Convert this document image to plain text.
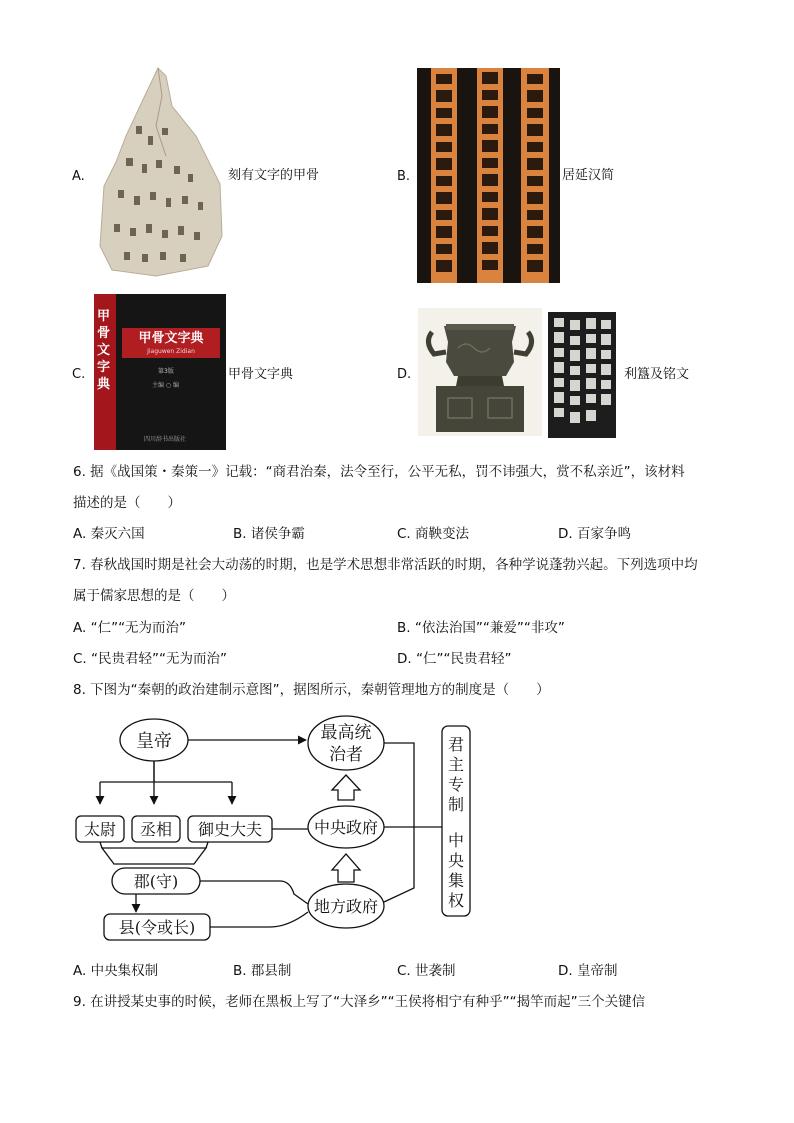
A.	刻有文字的甲骨	B.	居延汉简
甲骨文字典
甲骨文字典
Jiaguwen Zidian
第3版
主编 ○ 编
四川辞书出版社
C.	甲骨文字典	D.	利簋及铭文
6. 据《战国策・秦策一》记载：“商君治秦，法令至行，公平无私，罚不讳强大，赏不私亲近”，该材料
描述的是（　　）
A. 秦灭六国	B. 诸侯争霸	C. 商鞅变法	D. 百家争鸣
7. 春秋战国时期是社会大动荡的时期，也是学术思想非常活跃的时期，各种学说蓬勃兴起。下列选项中均
属于儒家思想的是（　　）
A. “仁”“无为而治”	B. “依法治国”“兼爱”“非攻”
C. “民贵君轻”“无为而治”	D. “仁”“民贵君轻”
8. 下图为“秦朝的政治建制示意图”，据图所示，秦朝管理地方的制度是（　　）
皇帝	最高统
治者
中央政府
地方政府
太尉 丞相 御史大夫
郡(守)
县(令或长)
君
主
专
制
中
央
集
权
A. 中央集权制	B. 郡县制	C. 世袭制	D. 皇帝制
9. 在讲授某史事的时候，老师在黑板上写了“大泽乡”“王侯将相宁有种乎”“揭竿而起”三个关键信
